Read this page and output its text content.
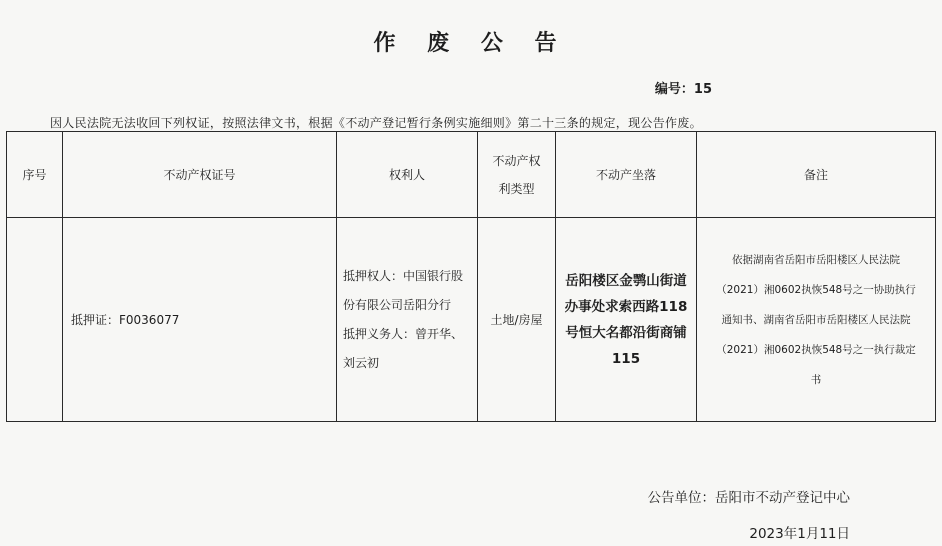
作 废 公 告
编号：15
因人民法院无法收回下列权证，按照法律文书，根据《不动产登记暂行条例实施细则》第二十三条的规定，现公告作废。
序号	不动产权证号	权利人	不动产权
利类型	不动产坐落	备注
	抵押证：F0036077	抵押权人：中国银行股
份有限公司岳阳分行
抵押义务人：曾开华、
刘云初	土地/房屋	岳阳楼区金鹗山街道办事处求索西路118号恒大名都沿街商铺115	依据湖南省岳阳市岳阳楼区人民法院
（2021）湘0602执恢548号之一协助执行
通知书、湖南省岳阳市岳阳楼区人民法院
（2021）湘0602执恢548号之一执行裁定
书
公告单位：岳阳市不动产登记中心
2023年1月11日
